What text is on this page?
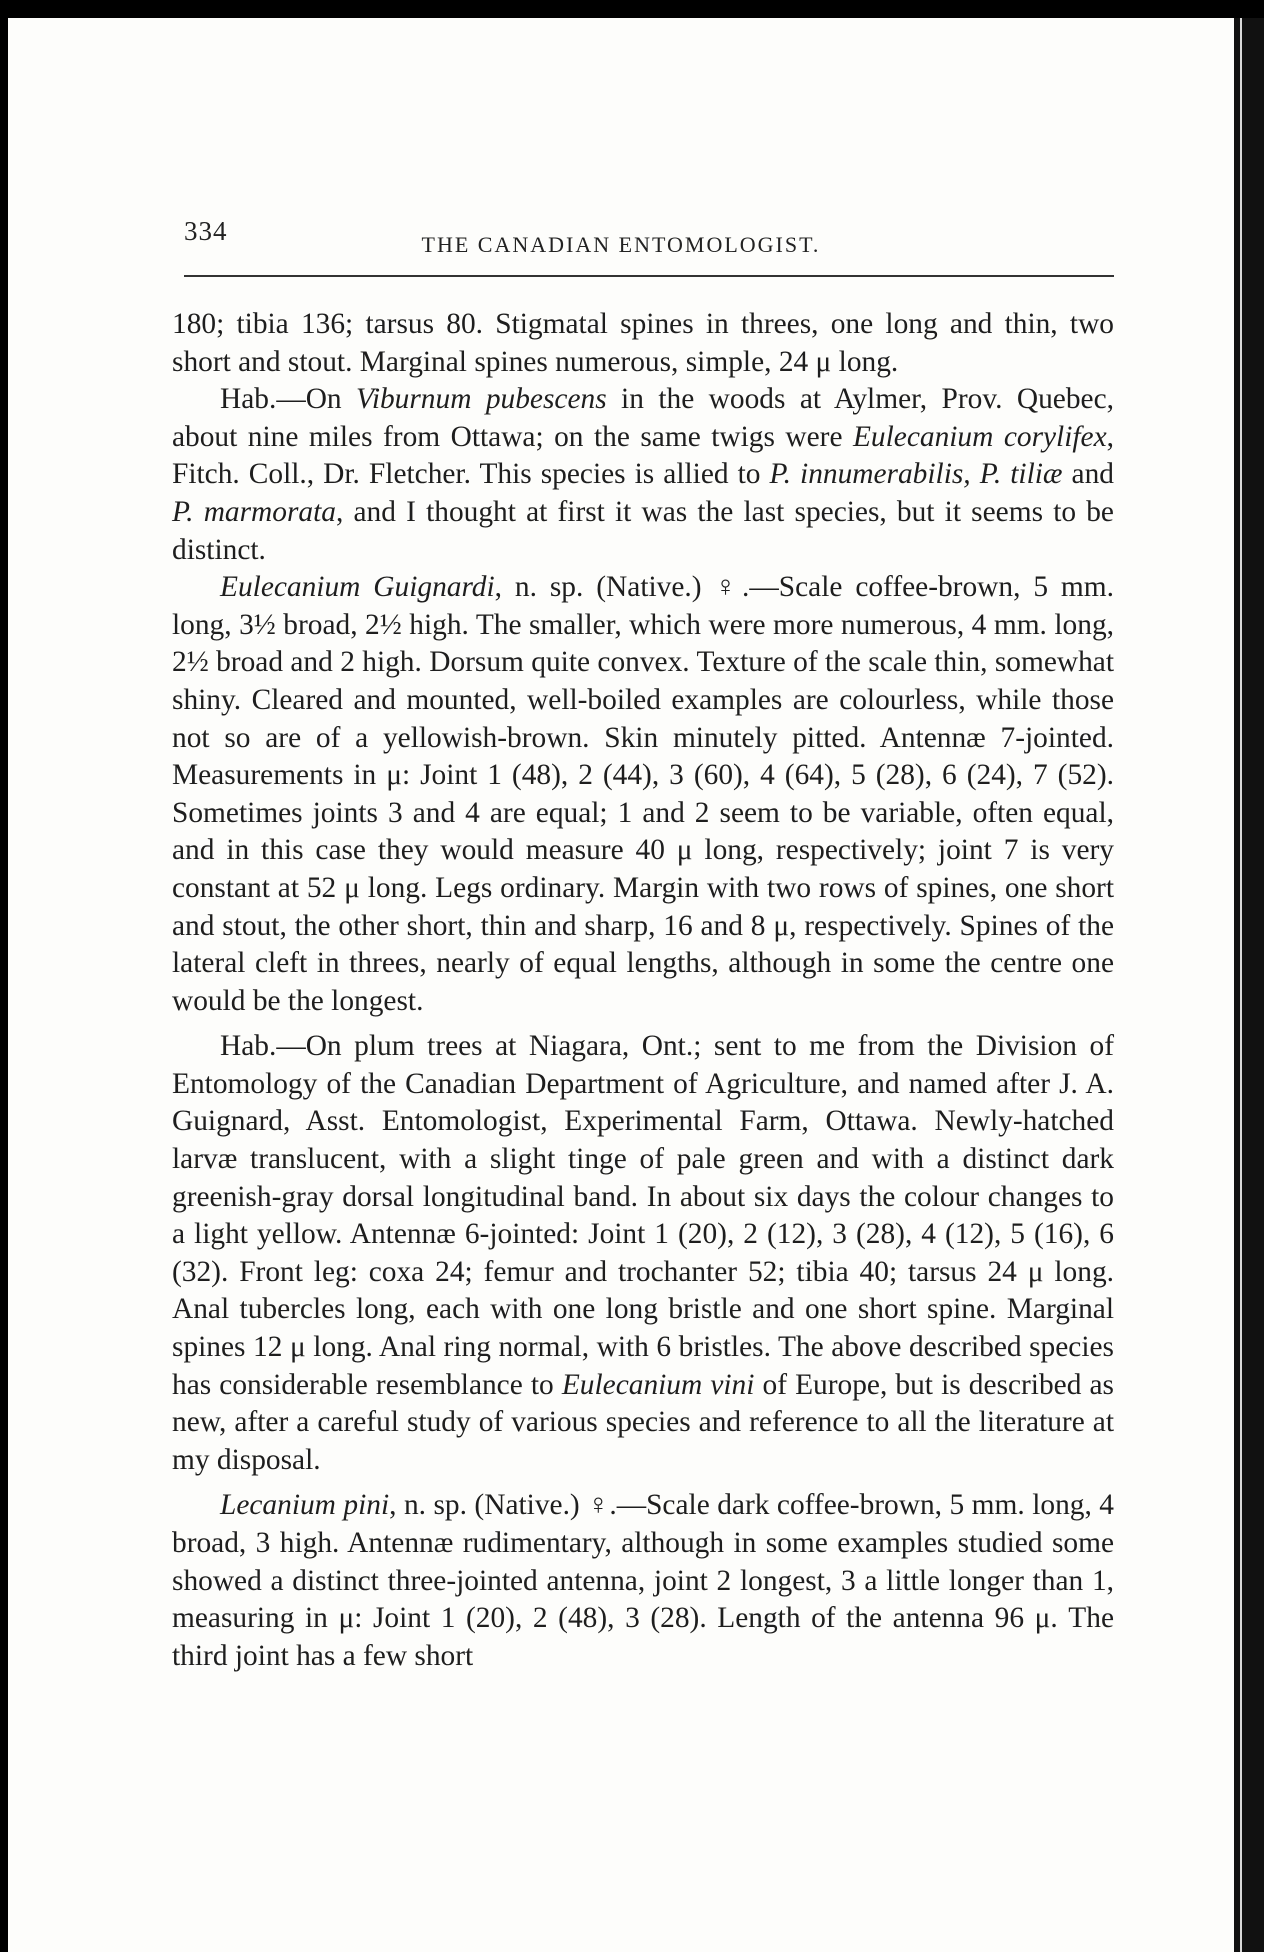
334	THE CANADIAN ENTOMOLOGIST.

180; tibia 136; tarsus 80. Stigmatal spines in threes, one long and thin, two short and stout. Marginal spines numerous, simple, 24 μ long.

Hab.—On Viburnum pubescens in the woods at Aylmer, Prov. Quebec, about nine miles from Ottawa; on the same twigs were Eulecanium corylifex, Fitch. Coll., Dr. Fletcher. This species is allied to P. innumerabilis, P. tiliæ and P. marmorata, and I thought at first it was the last species, but it seems to be distinct.

Eulecanium Guignardi, n. sp. (Native.) ♀.—Scale coffee-brown, 5 mm. long, 3½ broad, 2½ high. The smaller, which were more numerous, 4 mm. long, 2½ broad and 2 high. Dorsum quite convex. Texture of the scale thin, somewhat shiny. Cleared and mounted, well-boiled examples are colourless, while those not so are of a yellowish-brown. Skin minutely pitted. Antennæ 7-jointed. Measurements in μ: Joint 1 (48), 2 (44), 3 (60), 4 (64), 5 (28), 6 (24), 7 (52). Sometimes joints 3 and 4 are equal; 1 and 2 seem to be variable, often equal, and in this case they would measure 40 μ long, respectively; joint 7 is very constant at 52 μ long. Legs ordinary. Margin with two rows of spines, one short and stout, the other short, thin and sharp, 16 and 8 μ, respectively. Spines of the lateral cleft in threes, nearly of equal lengths, although in some the centre one would be the longest.

Hab.—On plum trees at Niagara, Ont.; sent to me from the Division of Entomology of the Canadian Department of Agriculture, and named after J. A. Guignard, Asst. Entomologist, Experimental Farm, Ottawa. Newly-hatched larvæ translucent, with a slight tinge of pale green and with a distinct dark greenish-gray dorsal longitudinal band. In about six days the colour changes to a light yellow. Antennæ 6-jointed: Joint 1 (20), 2 (12), 3 (28), 4 (12), 5 (16), 6 (32). Front leg: coxa 24; femur and trochanter 52; tibia 40; tarsus 24 μ long. Anal tubercles long, each with one long bristle and one short spine. Marginal spines 12 μ long. Anal ring normal, with 6 bristles. The above described species has considerable resemblance to Eulecanium vini of Europe, but is described as new, after a careful study of various species and reference to all the literature at my disposal.

Lecanium pini, n. sp. (Native.) ♀.—Scale dark coffee-brown, 5 mm. long, 4 broad, 3 high. Antennæ rudimentary, although in some examples studied some showed a distinct three-jointed antenna, joint 2 longest, 3 a little longer than 1, measuring in μ: Joint 1 (20), 2 (48), 3 (28). Length of the antenna 96 μ. The third joint has a few short
